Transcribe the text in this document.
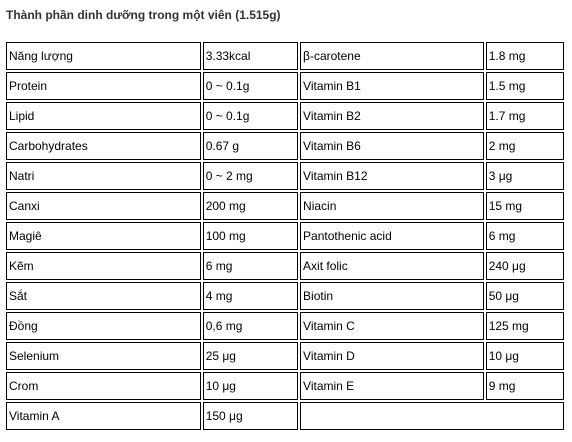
Thành phần dinh dưỡng trong một viên (1.515g)
Năng lượng	3.33kcal	β-carotene	1.8 mg
Protein	0 ~ 0.1g	Vitamin B1	1.5 mg
Lipid	0 ~ 0.1g	Vitamin B2	1.7 mg
Carbohydrates	0.67 g	Vitamin B6	2 mg
Natri	0 ~ 2 mg	Vitamin B12	3 μg
Canxi	200 mg	Niacin	15 mg
Magiê	100 mg	Pantothenic acid	6 mg
Kẽm	6 mg	Axit folic	240 μg
Sắt	4 mg	Biotin	50 μg
Đồng	0,6 mg	Vitamin C	125 mg
Selenium	25 μg	Vitamin D	10 μg
Crom	10 μg	Vitamin E	9 mg
Vitamin A	150 μg		
